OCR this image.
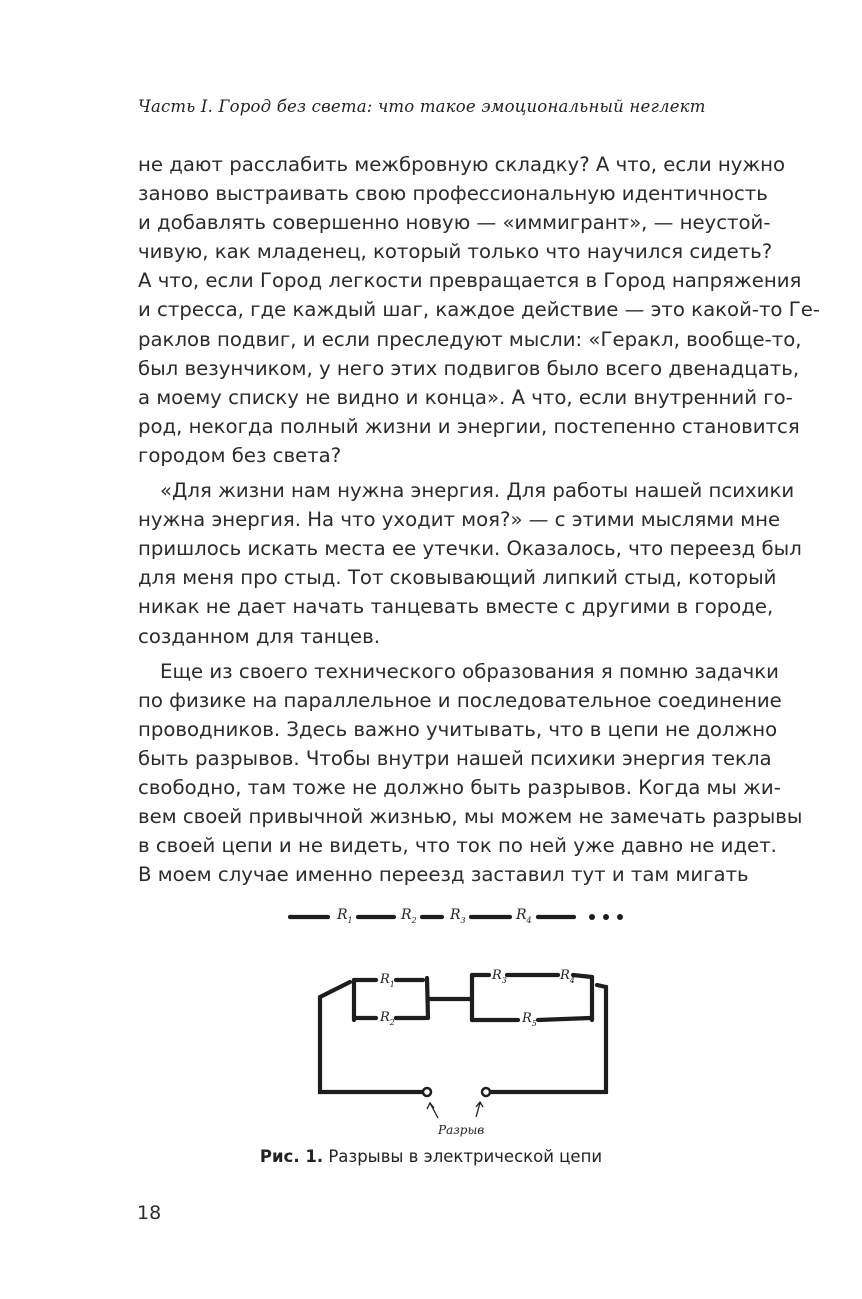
Часть I. Город без света: что такое эмоциональный неглект
не дают расслабить межбровную складку? А что, если нужно
заново выстраивать свою профессиональную идентичность
и добавлять совершенно новую — «иммигрант», — неустой-
чивую, как младенец, который только что научился сидеть?
А что, если Город легкости превращается в Город напряжения
и стресса, где каждый шаг, каждое действие — это какой-то Ге-
раклов подвиг, и если преследуют мысли: «Геракл, вообще-то,
был везунчиком, у него этих подвигов было всего двенадцать,
а моему списку не видно и конца». А что, если внутренний го-
род, некогда полный жизни и энергии, постепенно становится
городом без света?
«Для жизни нам нужна энергия. Для работы нашей психики
нужна энергия. На что уходит моя?» — с этими мыслями мне
пришлось искать места ее утечки. Оказалось, что переезд был
для меня про стыд. Тот сковывающий липкий стыд, который
никак не дает начать танцевать вместе с другими в городе,
созданном для танцев.
Еще из своего технического образования я помню задачки
по физике на параллельное и последовательное соединение
проводников. Здесь важно учитывать, что в цепи не должно
быть разрывов. Чтобы внутри нашей психики энергия текла
свободно, там тоже не должно быть разрывов. Когда мы жи-
вем своей привычной жизнью, мы можем не замечать разрывы
в своей цепи и не видеть, что ток по ней уже давно не идет.
В моем случае именно переезд заставил тут и там мигать
$R_1$	$R_2$ $R_3$	$R_4$
$R_1$
$R_2$
$R_3$	$R_4$
$R_5$
Разрыв
Рис. 1. Разрывы в электрической цепи
18
